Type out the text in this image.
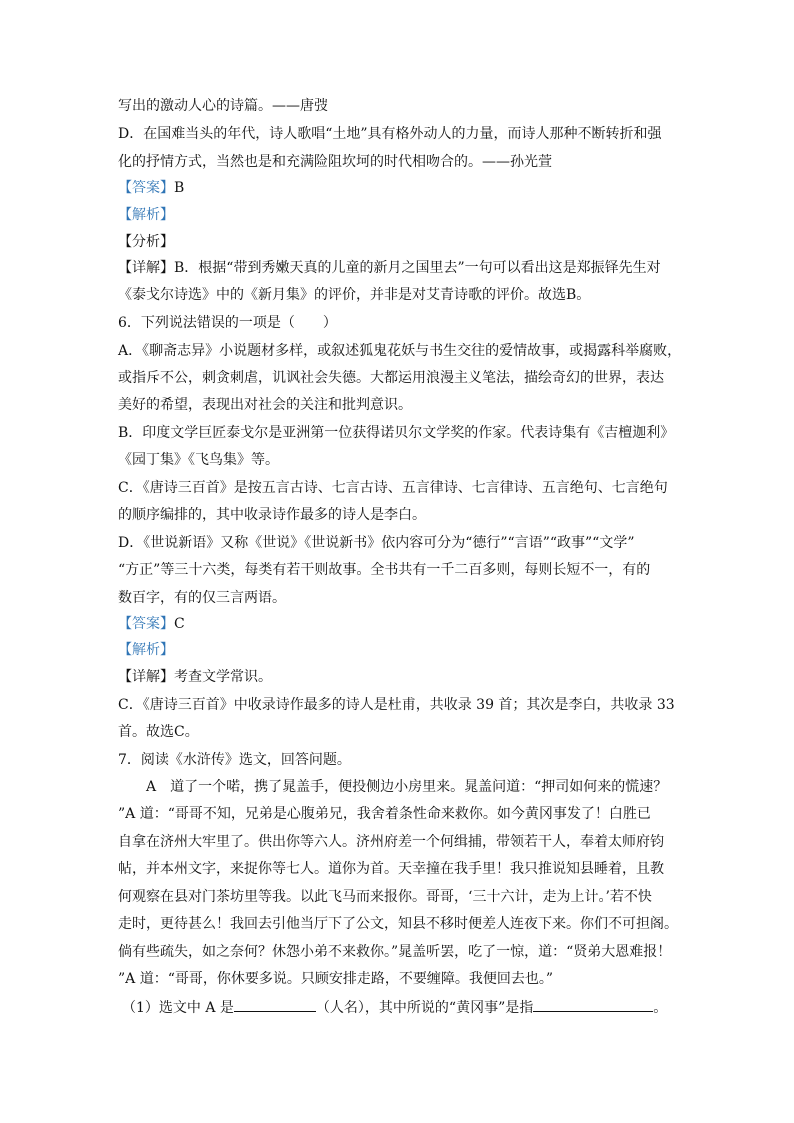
写出的激动人心的诗篇。——唐弢
D．在国难当头的年代，诗人歌唱“土地”具有格外动人的力量，而诗人那种不断转折和强
化的抒情方式，当然也是和充满险阻坎坷的时代相吻合的。——孙光萱
【答案】B
【解析】
【分析】
【详解】B．根据“带到秀嫩天真的儿童的新月之国里去”一句可以看出这是郑振铎先生对
《泰戈尔诗选》中的《新月集》的评价，并非是对艾青诗歌的评价。故选B。
6．下列说法错误的一项是（　　）
A．《聊斋志异》小说题材多样，或叙述狐鬼花妖与书生交往的爱情故事，或揭露科举腐败，
或指斥不公，刺贪刺虐，讥讽社会失德。大都运用浪漫主义笔法，描绘奇幻的世界，表达
美好的希望，表现出对社会的关注和批判意识。
B．印度文学巨匠泰戈尔是亚洲第一位获得诺贝尔文学奖的作家。代表诗集有《吉檀迦利》
《园丁集》《飞鸟集》等。
C．《唐诗三百首》是按五言古诗、七言古诗、五言律诗、七言律诗、五言绝句、七言绝句
的顺序编排的，其中收录诗作最多的诗人是李白。
D．《世说新语》又称《世说》《世说新书》依内容可分为“德行”“言语”“政事”“文学”
“方正”等三十六类，每类有若干则故事。全书共有一千二百多则，每则长短不一，有的
数百字，有的仅三言两语。
【答案】C
【解析】
【详解】考查文学常识。
C．《唐诗三百首》中收录诗作最多的诗人是杜甫，共收录 39 首；其次是李白，共收录 33
首。故选C。
7．阅读《水浒传》选文，回答问题。
A　道了一个喏，携了晁盖手，便投侧边小房里来。晁盖问道：“押司如何来的慌速？
”A 道：“哥哥不知，兄弟是心腹弟兄，我舍着条性命来救你。如今黄冈事发了！白胜已
自拿在济州大牢里了。供出你等六人。济州府差一个何缉捕，带领若干人，奉着太师府钧
帖，并本州文字，来捉你等七人。道你为首。天幸撞在我手里！我只推说知县睡着，且教
何观察在县对门茶坊里等我。以此飞马而来报你。哥哥，‘三十六计，走为上计。’若不快
走时，更待甚么！我回去引他当厅下了公文，知县不移时便差人连夜下来。你们不可担阁。
倘有些疏失，如之奈何？休怨小弟不来救你。”晁盖听罢，吃了一惊，道：“贤弟大恩难报！
”A 道：“哥哥，你休要多说。只顾安排走路，不要缠障。我便回去也。”
（1）选文中 A 是	（人名），其中所说的“黄冈事”是指	。
